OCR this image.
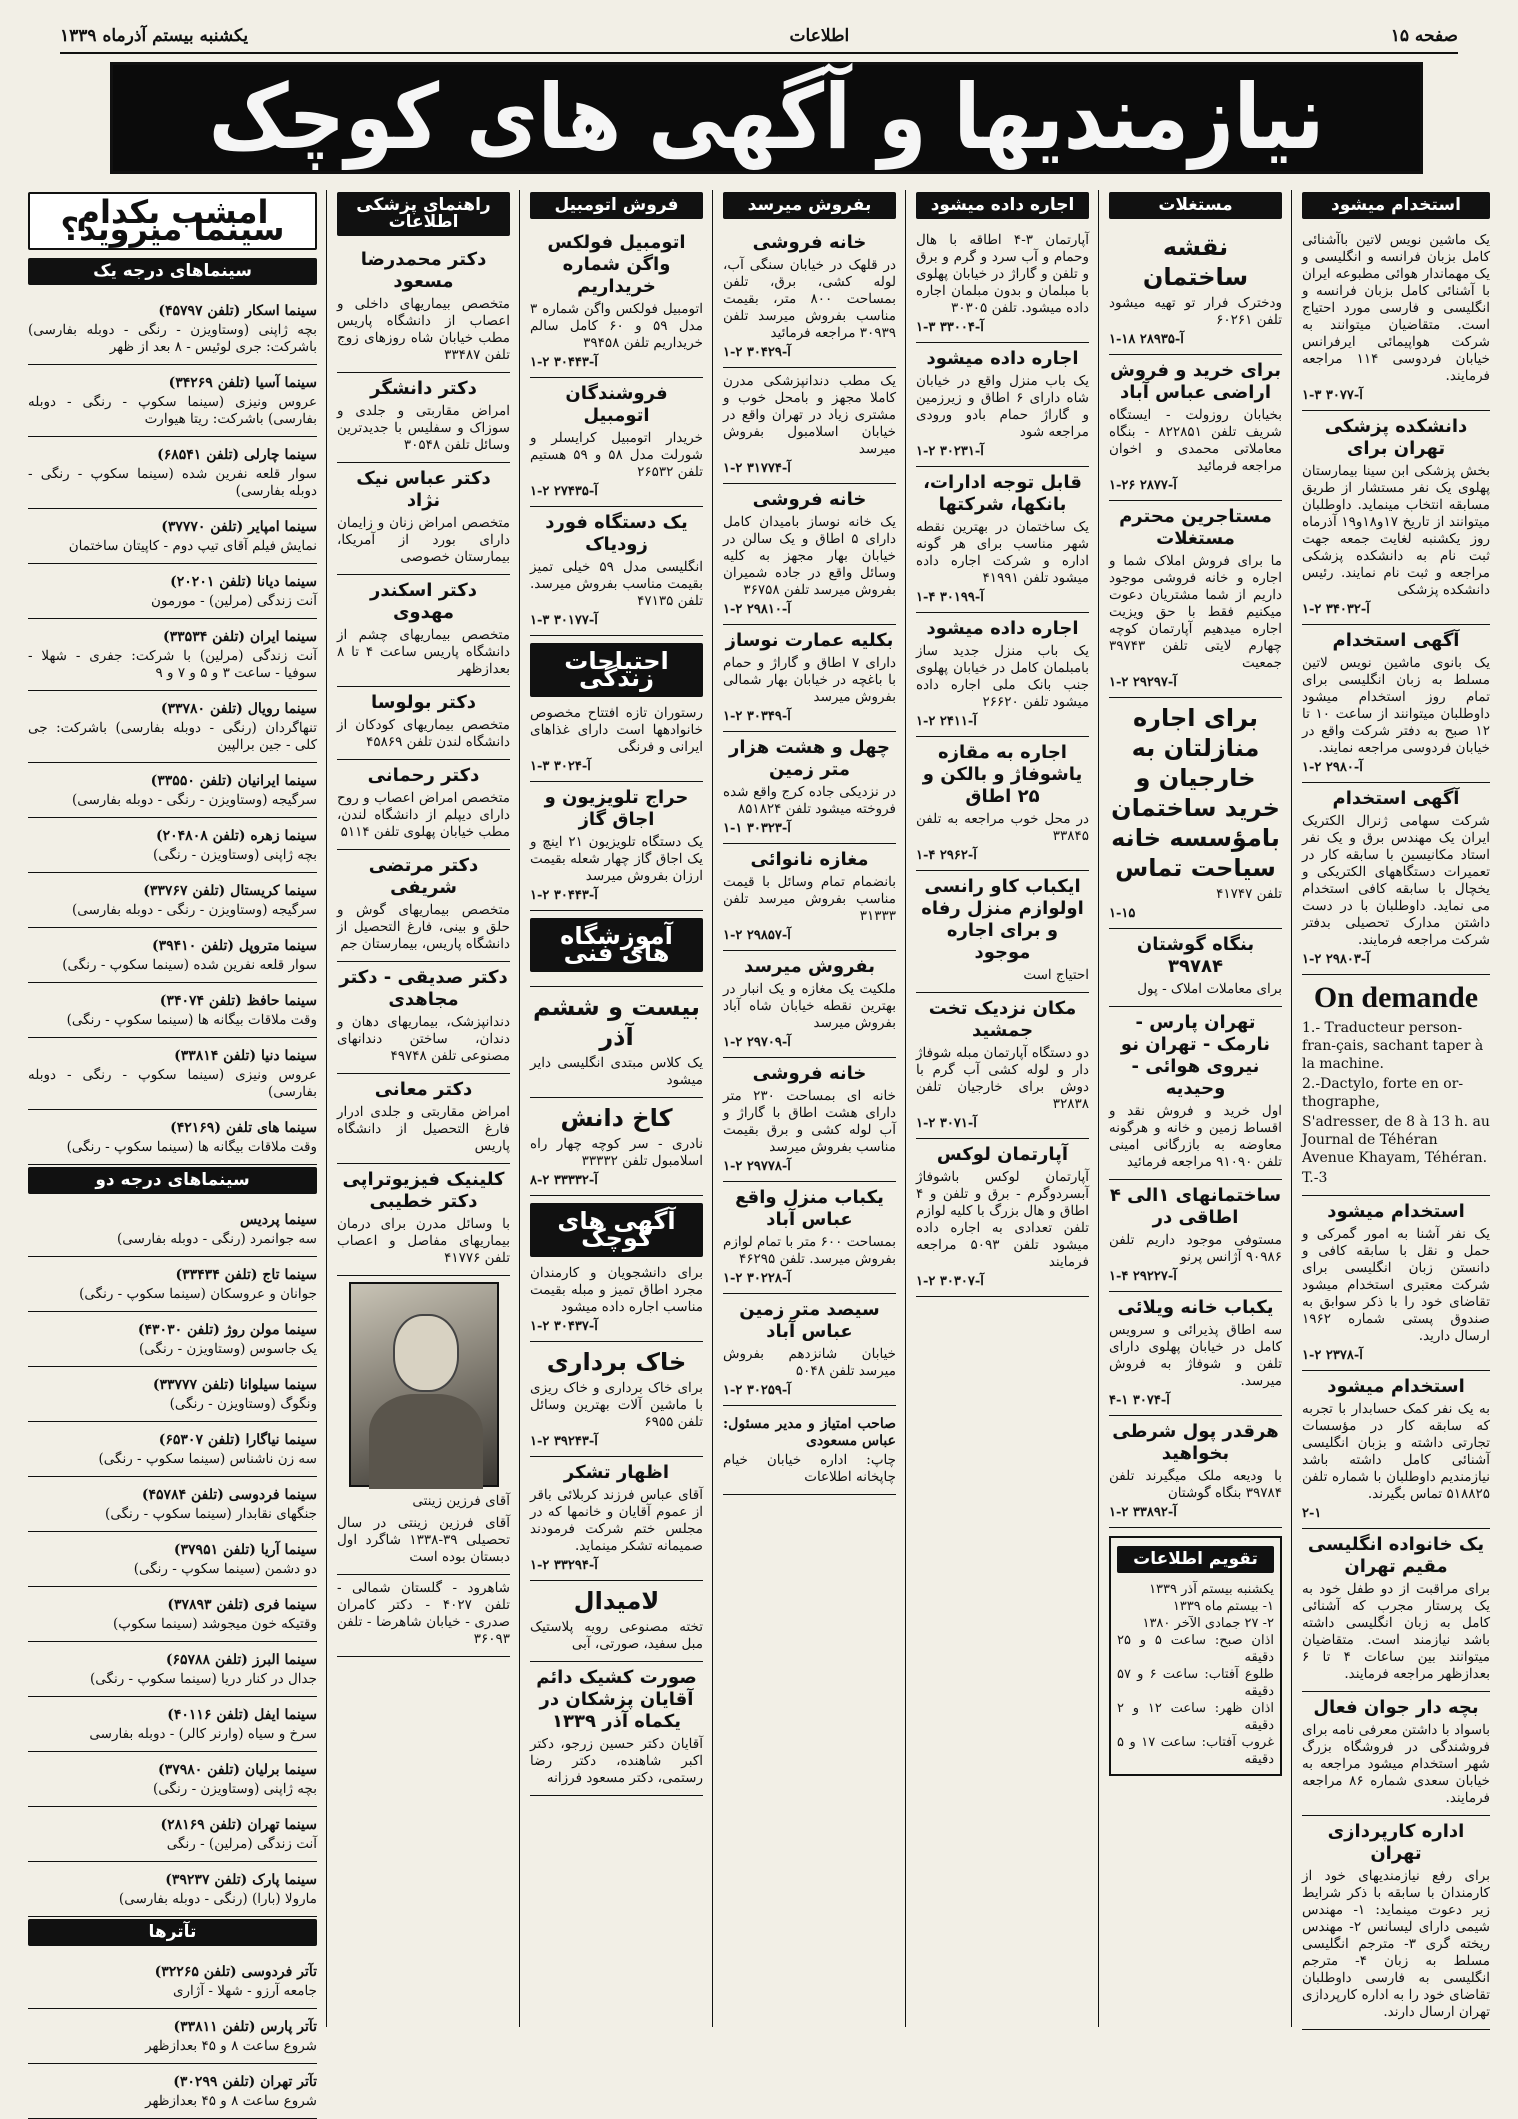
صفحه ۱۵
اطلاعات
یکشنبه بیستم آذرماه ۱۳۳۹
نیازمندیها و آگهی های کوچک
استخدام میشود

یک ماشین نویس لاتین باآشنائی کامل بزبان فرانسه و انگلیسی و یک مهماندار هوائی مطبوعه ایران با آشنائی کامل بزبان فرانسه و انگلیسی و فارسی مورد احتیاج است. متقاضیان میتوانند به شرکت هواپیمائی ایرفرانس خیابان فردوسی ۱۱۴ مراجعه فرمایند.

آ-۳۰۷۷ ۳-۱
دانشکده پزشکی تهران برای

بخش پزشکی ابن سینا بیمارستان پهلوی یک نفر مستشار از طریق مسابقه انتخاب مینماید. داوطلبان میتوانند از تاریخ ۱۷و۱۸و۱۹ آذرماه روز یکشنبه لغایت جمعه جهت ثبت نام به دانشکده پزشکی مراجعه و ثبت نام نمایند. رئیس دانشکده پزشکی

آ-۳۴۰۳۲ ۲-۱
آگهی استخدام

یک بانوی ماشین نویس لاتین مسلط به زبان انگلیسی برای تمام روز استخدام میشود داوطلبان میتوانند از ساعت ۱۰ تا ۱۲ صبح به دفتر شرکت واقع در خیابان فردوسی مراجعه نمایند.

آ-۲۹۸۰ ۲-۱
آگهی استخدام

شرکت سهامی ژنرال الکتریک ایران یک مهندس برق و یک نفر استاد مکانیسین با سابقه کار در تعمیرات دستگاههای الکتریکی و یخچال با سابقه کافی استخدام می نماید. داوطلبان با در دست داشتن مدارک تحصیلی بدفتر شرکت مراجعه فرمایند.

آ-۲۹۸۰۳ ۲-۱
On demande

1.- Traducteur person-fran-çais, sachant taper à la machine.

2.-Dactylo, forte en or-thographe,

S'adresser, de 8 à 13 h. au Journal de Téhéran Avenue Khayam, Téhéran.

T.-3

استخدام میشود

یک نفر آشنا به امور گمرکی و حمل و نقل با سابقه کافی و دانستن زبان انگلیسی برای شرکت معتبری استخدام میشود تقاضای خود را با ذکر سوابق به صندوق پستی شماره ۱۹۶۲ ارسال دارید.

آ-۲۳۷۸ ۲-۱
استخدام میشود

به یک نفر کمک حسابدار با تجربه که سابقه کار در مؤسسات تجارتی داشته و بزبان انگلیسی آشنائی کامل داشته باشد نیازمندیم داوطلبان با شماره تلفن ۵۱۸۸۲۵ تماس بگیرند.

۲-۱
یک خانواده انگلیسی مقیم تهران

برای مراقبت از دو طفل خود به یک پرستار مجرب که آشنائی کامل به زبان انگلیسی داشته باشد نیازمند است. متقاضیان میتوانند بین ساعات ۴ تا ۶ بعدازظهر مراجعه فرمایند.

بچه دار جوان فعال

باسواد با داشتن معرفی نامه برای فروشندگی در فروشگاه بزرگ شهر استخدام میشود مراجعه به خیابان سعدی شماره ۸۶ مراجعه فرمایند.

اداره کارپردازی تهران

برای رفع نیازمندیهای خود از کارمندان با سابقه با ذکر شرایط زیر دعوت مینماید: ۱- مهندس شیمی دارای لیسانس ۲- مهندس ریخته گری ۳- مترجم انگلیسی مسلط به زبان ۴- مترجم انگلیسی به فارسی داوطلبان تقاضای خود را به اداره کارپردازی تهران ارسال دارند.

مستغلات
نقشه ساختمان

ودخترک فرار تو تهیه میشود تلفن ۶۰۲۶۱

آ-۲۸۹۳۵ ۱۸-۱
برای خرید و فروش اراضی عباس آباد

بخیابان روزولت - ایستگاه شریف تلفن ۸۲۲۸۵۱ - بنگاه معاملاتی محمدی و اخوان مراجعه فرمائید

آ-۲۸۷۷ ۲۶-۱
مستاجرین محترم مستغلات

ما برای فروش املاک شما و اجاره و خانه فروشی موجود داریم از شما مشتریان دعوت میکنیم فقط با حق ویزیت اجاره میدهیم آپارتمان کوچه چهارم لایتی تلفن ۳۹۷۴۳ جمعیت

آ-۲۹۲۹۷ ۲-۱
برای اجاره منازلتان به خارجیان و خرید ساختمان بامؤسسه خانه سیاحت تماس

تلفن ۴۱۷۴۷

۱-۱۵
بنگاه گوشتان ۳۹۷۸۴

برای معاملات املاک - پول

تهران پارس - نارمک - تهران نو نیروی هوائی - وحیدیه

اول خرید و فروش نقد و اقساط زمین و خانه و هرگونه معاوضه به بازرگانی امینی تلفن ۹۱۰۹۰ مراجعه فرمائید

ساختمانهای ۱الی ۴ اطاقی در

مستوفی موجود داریم تلفن ۹۰۹۸۶ آژانس پرنو

آ-۲۹۲۲۷ ۴-۱
یکباب خانه ویلائی

سه اطاق پذیرائی و سرویس کامل در خیابان پهلوی دارای تلفن و شوفاژ به فروش میرسد.

آ-۳۰۷۴ ۱-۴
هرقدر پول شرطی بخواهید

با ودیعه ملک میگیرند تلفن ۳۹۷۸۴ بنگاه گوشتان

آ-۳۳۸۹۲ ۲-۱
تقویم اطلاعات

یکشنبه بیستم آذر ۱۳۳۹

۱- بیستم ماه ۱۳۳۹

۲- ۲۷ جمادی الآخر ۱۳۸۰

اذان صبح: ساعت ۵ و ۲۵ دقیقه

طلوع آفتاب: ساعت ۶ و ۵۷ دقیقه

اذان ظهر: ساعت ۱۲ و ۲ دقیقه

غروب آفتاب: ساعت ۱۷ و ۵ دقیقه

اجاره داده میشود

آپارتمان ۳-۴ اطاقه با هال وحمام و آب سرد و گرم و برق و تلفن و گاراژ در خیابان پهلوی با مبلمان و بدون مبلمان اجاره داده میشود. تلفن ۳۰۳۰۵

آ-۳۳۰۰۴ ۳-۱
اجاره داده میشود

یک باب منزل واقع در خیابان شاه دارای ۶ اطاق و زیرزمین و گاراژ حمام بادو ورودی مراجعه شود

آ-۳۰۲۳۱ ۲-۱
قابل توجه ادارات، بانکها، شرکتها

یک ساختمان در بهترین نقطه شهر مناسب برای هر گونه اداره و شرکت اجاره داده میشود تلفن ۴۱۹۹۱

آ-۳۰۱۹۹ ۴-۱
اجاره داده میشود

یک باب منزل جدید ساز بامبلمان کامل در خیابان پهلوی جنب بانک ملی اجاره داده میشود تلفن ۲۶۶۲۰

آ-۲۴۱۱ ۲-۱
اجاره به مقازه یاشوفاژ و بالکن و ۲۵ اطاق

در محل خوب مراجعه به تلفن ۳۳۸۴۵

آ-۲۹۶۲ ۴-۱
ایکباب کاو رانسی اولوازم منزل رفاه و برای اجاره موجود

احتیاج است

مکان نزدیک تخت جمشید

دو دستگاه آپارتمان مبله شوفاژ دار و لوله کشی آب گرم با دوش برای خارجیان تلفن ۳۲۸۳۸

آ-۳۰۷۱ ۲-۱
آپارتمان لوکس

آپارتمان لوکس باشوفاژ آبسردوگرم - برق و تلفن و ۴ اطاق و هال بزرگ با کلیه لوازم تلفن تعدادی به اجاره داده میشود تلفن ۵۰۹۳ مراجعه فرمایند

آ-۳۰۳۰۷ ۲-۱
بفروش میرسد
خانه فروشی

در قلهک در خیابان سنگی آب، لوله کشی، برق، تلفن بمساحت ۸۰۰ متر، بقیمت مناسب بفروش میرسد تلفن ۳۰۹۳۹ مراجعه فرمائید

آ-۳۰۴۲۹ ۲-۱

یک مطب دندانپزشکی مدرن کاملا مجهز و بامحل خوب و مشتری زیاد در تهران واقع در خیابان اسلامبول بفروش میرسد

آ-۳۱۷۷۴ ۲-۱
خانه فروشی

یک خانه نوساز بامیدان کامل دارای ۵ اطاق و یک سالن در خیابان بهار مجهز به کلیه وسائل واقع در جاده شمیران بفروش میرسد تلفن ۳۶۷۵۸

آ-۲۹۸۱۰ ۲-۱
بکلیه عمارت نوساز

دارای ۷ اطاق و گاراژ و حمام با باغچه در خیابان بهار شمالی بفروش میرسد

آ-۳۰۳۴۹ ۲-۱
چهل و هشت هزار متر زمین

در نزدیکی جاده کرج واقع شده فروخته میشود تلفن ۸۵۱۸۲۴

آ-۳۰۳۲۳ ۱-۱
مغازه نانوائی

بانضمام تمام وسائل با قیمت مناسب بفروش میرسد تلفن ۳۱۳۳۳

آ-۲۹۸۵۷ ۲-۱
بفروش میرسد

ملکیت یک مغازه و یک انبار در بهترین نقطه خیابان شاه آباد بفروش میرسد

آ-۲۹۷۰۹ ۲-۱
خانه فروشی

خانه ای بمساحت ۲۳۰ متر دارای هشت اطاق با گاراژ و آب لوله کشی و برق بقیمت مناسب بفروش میرسد

آ-۲۹۷۷۸ ۲-۱
یکباب منزل واقع عباس آباد

بمساحت ۶۰۰ متر با تمام لوازم بفروش میرسد. تلفن ۴۶۲۹۵

آ-۳۰۲۲۸ ۲-۱
سیصد متر زمین عباس آباد

خیابان شانزدهم بفروش میرسد تلفن ۵۰۴۸

آ-۳۰۲۵۹ ۲-۱

صاحب امتیاز و مدیر مسئول: عباس مسعودی

چاپ: اداره خیابان خیام چاپخانه اطلاعات

فروش اتومبیل
اتومبیل فولکس واگن شماره خریداریم

اتومبیل فولکس واگن شماره ۳ مدل ۵۹ و ۶۰ کامل سالم خریداریم تلفن ۳۹۴۵۸

آ-۳۰۴۴۳ ۲-۱
فروشندگان اتومبیل

خریدار اتومبیل کرایسلر و شورلت مدل ۵۸ و ۵۹ هستیم تلفن ۲۶۵۳۲

آ-۲۷۴۳۵ ۲-۱
یک دستگاه فورد زودیاک

انگلیسی مدل ۵۹ خیلی تمیز بقیمت مناسب بفروش میرسد. تلفن ۴۷۱۳۵

آ-۳۰۱۷۷ ۳-۱
احتیاجات زندگی

رستوران تازه افتتاح مخصوص خانوادهها است دارای غذاهای ایرانی و فرنگی

آ-۳۰۲۴ ۳-۱
حراج تلویزیون و اجاق گاز

یک دستگاه تلویزیون ۲۱ اینچ و یک اجاق گاز چهار شعله بقیمت ارزان بفروش میرسد

آ-۳۰۴۴۳ ۲-۱
آموزشگاه های فنی
بیست و ششم آذر

یک کلاس مبتدی انگلیسی دایر میشود

کاخ دانش

نادری - سر کوچه چهار راه اسلامبول تلفن ۳۳۳۳۲

آ-۳۳۳۳۲ ۲-۸
آگهی های کوچک

برای دانشجویان و کارمندان مجرد اطاق تمیز و مبله بقیمت مناسب اجاره داده میشود

آ-۳۰۴۳۷ ۲-۱
خاک برداری

برای خاک برداری و خاک ریزی با ماشین آلات بهترین وسائل تلفن ۶۹۵۵

آ-۳۹۲۴۳ ۲-۱
اظهار تشکر

آقای عباس فرزند کربلائی باقر از عموم آقایان و خانمها که در مجلس ختم شرکت فرمودند صمیمانه تشکر مینماید.

آ-۳۳۲۹۴ ۲-۱
لامیدال

تخته مصنوعی رویه پلاستیک مبل سفید، صورتی، آبی

صورت کشیک دائم آقایان پزشکان در یکماه آذر ۱۳۳۹

آقایان دکتر حسین زرجو، دکتر اکبر شاهنده، دکتر رضا رستمی، دکتر مسعود فرزانه

راهنمای پزشکی اطلاعات
دکتر محمدرضا مسعود

متخصص بیماریهای داخلی و اعصاب از دانشگاه پاریس مطب خیابان شاه روزهای زوج تلفن ۳۳۴۸۷

دکتر دانشگر

امراض مقاربتی و جلدی و سوزاک و سفلیس با جدیدترین وسائل تلفن ۳۰۵۴۸

دکتر عباس نیک نژاد

متخصص امراض زنان و زایمان دارای بورد از آمریکا، بیمارستان خصوصی

دکتر اسکندر مهدوی

متخصص بیماریهای چشم از دانشگاه پاریس ساعت ۴ تا ۸ بعدازظهر

دکتر بولوسا

متخصص بیماریهای کودکان از دانشگاه لندن تلفن ۴۵۸۶۹

دکتر رحمانی

متخصص امراض اعصاب و روح دارای دیپلم از دانشگاه لندن، مطب خیابان پهلوی تلفن ۵۱۱۴

دکتر مرتضی شریفی

متخصص بیماریهای گوش و حلق و بینی، فارغ التحصیل از دانشگاه پاریس، بیمارستان جم

دکتر صدیقی - دکتر مجاهدی

دندانپزشک، بیماریهای دهان و دندان، ساختن دندانهای مصنوعی تلفن ۴۹۷۴۸

دکتر معانی

امراض مقاربتی و جلدی ادرار فارغ التحصیل از دانشگاه پاریس

کلینیک فیزیوتراپی دکتر خطیبی

با وسائل مدرن برای درمان بیماریهای مفاصل و اعصاب تلفن ۴۱۷۷۶

آقای فرزین زینتی

آقای فرزین زینتی در سال تحصیلی ۳۹-۱۳۳۸ شاگرد اول دبستان بوده است

شاهرود - گلستان شمالی - تلفن ۴۰۲۷ - دکتر کامران صدری - خیابان شاهرضا - تلفن ۳۶۰۹۳

امشب بکدام سینما میروید؟
سینماهای درجه یک

سینما اسکار (تلفن ۴۵۷۹۷)

بچه ژاپنی (وستاویزن - رنگی - دوبله بفارسی) باشرکت: جری لوئیس - ۸ بعد از ظهر

سینما آسیا (تلفن ۳۴۲۶۹)

عروس ونیزی (سینما سکوپ - رنگی - دوبله بفارسی) باشرکت: ریتا هیوارت

سینما چارلی (تلفن ۶۸۵۴۱)

سوار قلعه نفرین شده (سینما سکوپ - رنگی - دوبله بفارسی)

سینما امپایر (تلفن ۳۷۷۷۰)

نمایش فیلم آقای تیپ دوم - کاپیتان ساختمان

سینما دیانا (تلفن ۲۰۲۰۱)

آنت زندگی (مرلین) - مورمون

سینما ایران (تلفن ۳۳۵۳۴)

آنت زندگی (مرلین) با شرکت: جفری - شهلا - سوفیا - ساعت ۳ و ۵ و ۷ و ۹

سینما رویال (تلفن ۳۳۷۸۰)

تنهاگردان (رنگی - دوبله بفارسی) باشرکت: جی کلی - جین برالپین

سینما ایرانیان (تلفن ۳۳۵۵۰)

سرگیجه (وستاویزن - رنگی - دوبله بفارسی)

سینما زهره (تلفن ۲۰۴۸۰۸)

بچه ژاپنی (وستاویزن - رنگی)

سینما کریستال (تلفن ۳۳۷۶۷)

سرگیجه (وستاویزن - رنگی - دوبله بفارسی)

سینما متروپل (تلفن ۳۹۴۱۰)

سوار قلعه نفرین شده (سینما سکوپ - رنگی)

سینما حافظ (تلفن ۳۴۰۷۴)

وقت ملاقات بیگانه ها (سینما سکوپ - رنگی)

سینما دنیا (تلفن ۳۳۸۱۴)

عروس ونیزی (سینما سکوپ - رنگی - دوبله بفارسی)

سینما های تلفن (۴۲۱۶۹)

وقت ملاقات بیگانه ها (سینما سکوپ - رنگی)

سینماهای درجه دو

سینما پردیس

سه جوانمرد (رنگی - دوبله بفارسی)

سینما تاج (تلفن ۳۳۴۳۴)

جوانان و عروسکان (سینما سکوپ - رنگی)

سینما مولن روژ (تلفن ۴۳۰۳۰)

یک جاسوس (وستاویزن - رنگی)

سینما سیلوانا (تلفن ۳۳۷۷۷)

ونگوگ (وستاویزن - رنگی)

سینما نیاگارا (تلفن ۶۵۳۰۷)

سه زن ناشناس (سینما سکوپ - رنگی)

سینما فردوسی (تلفن ۴۵۷۸۴)

جنگهای نقابدار (سینما سکوپ - رنگی)

سینما آریا (تلفن ۳۷۹۵۱)

دو دشمن (سینما سکوپ - رنگی)

سینما فری (تلفن ۳۷۸۹۳)

وقتیکه خون میجوشد (سینما سکوپ)

سینما البرز (تلفن ۶۵۷۸۸)

جدال در کنار دریا (سینما سکوپ - رنگی)

سینما ایفل (تلفن ۴۰۱۱۶)

سرخ و سیاه (وارنر کالر) - دوبله بفارسی

سینما برلیان (تلفن ۳۷۹۸۰)

بچه ژاپنی (وستاویزن - رنگی)

سینما تهران (تلفن ۲۸۱۶۹)

آنت زندگی (مرلین) - رنگی

سینما پارک (تلفن ۳۹۲۳۷)

مارولا (بارا) (رنگی - دوبله بفارسی)

تآترها

تآتر فردوسی (تلفن ۳۲۲۶۵)

جامعه آرزو - شهلا - آژاری

تآتر پارس (تلفن ۳۳۸۱۱)

شروع ساعت ۸ و ۴۵ بعدازظهر

تآتر تهران (تلفن ۳۰۲۹۹)

شروع ساعت ۸ و ۴۵ بعدازظهر
